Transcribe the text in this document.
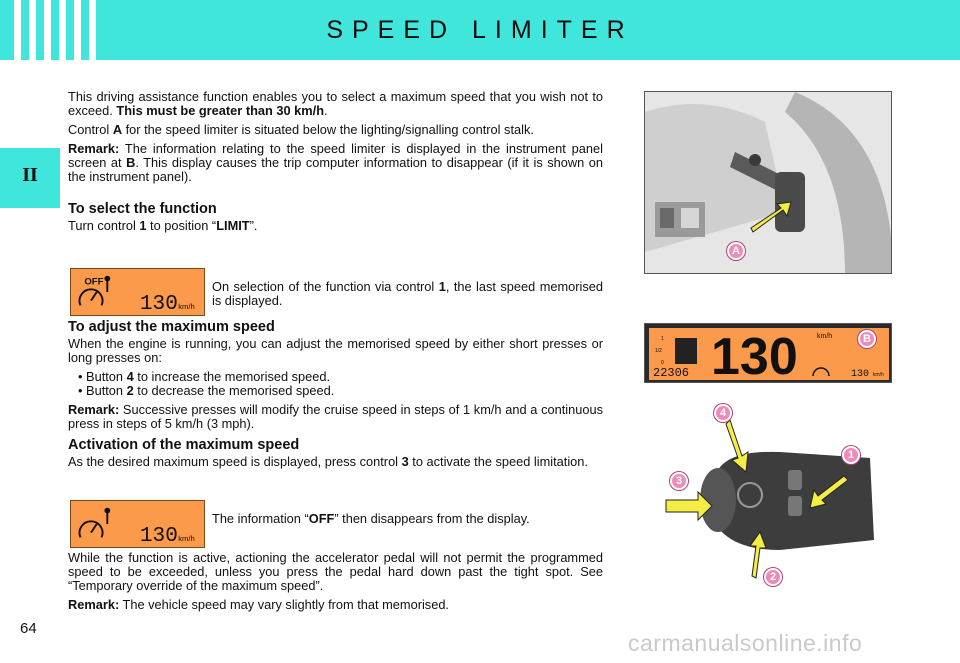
SPEED LIMITER
II

This driving assistance function enables you to select a maximum speed that you wish not to exceed. This must be greater than 30 km/h.

Control A for the speed limiter is situated below the lighting/signalling control stalk.

Remark: The information relating to the speed limiter is displayed in the instrument panel screen at B. This display causes the trip computer information to disappear (if it is shown on the instrument panel).

To select the function

Turn control 1 to position “LIMIT”.

OFF
130 km/h

On selection of the function via control 1, the last speed memorised is displayed.

To adjust the maximum speed

When the engine is running, you can adjust the memorised speed by either short presses or long presses on:

• Button 4 to increase the memorised speed.
• Button 2 to decrease the memorised speed.

Remark: Successive presses will modify the cruise speed in steps of 1 km/h and a continuous press in steps of 5 km/h (3 mph).

Activation of the maximum speed

As the desired maximum speed is displayed, press control 3 to activate the speed limitation.

130 km/h

The information “OFF” then disappears from the display.

While the function is active, actioning the accelerator pedal will not permit the programmed speed to be exceeded, unless you press the pedal hard down past the tight spot. See “Temporary override of the maximum speed”.

Remark: The vehicle speed may vary slightly from that memorised.

A
1
1/2
0
22306 130	km/h
130 km/h
B
1
2
3
4
64
carmanualsonline.info
